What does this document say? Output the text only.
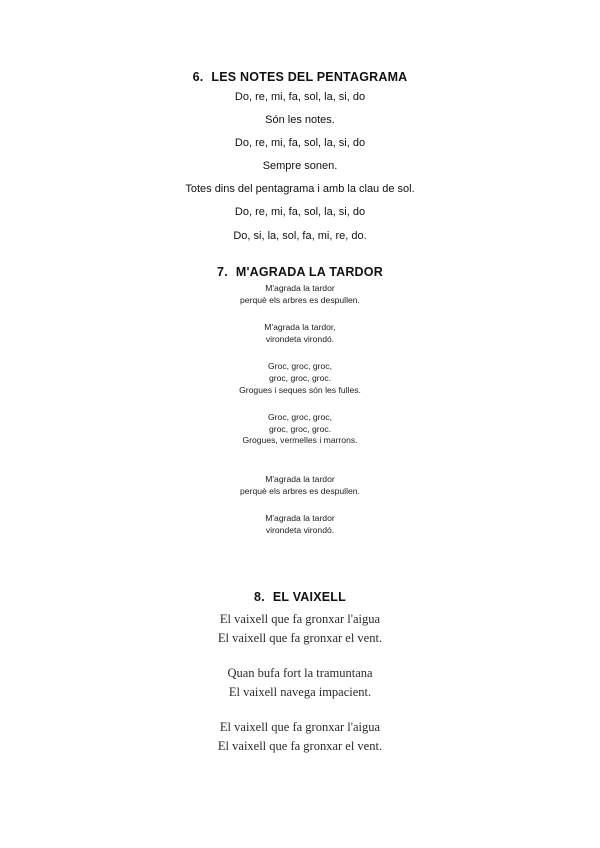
6. LES NOTES DEL PENTAGRAMA
Do, re, mi, fa, sol, la, si, do
Són les notes.
Do, re, mi, fa, sol, la, si, do
Sempre sonen.
Totes dins del pentagrama i amb la clau de sol.
Do, re, mi, fa, sol, la, si, do
Do, si, la, sol, fa, mi, re, do.
7. M'AGRADA LA TARDOR
M'agrada la tardor
perquè els arbres es despullen.
M'agrada la tardor,
virondeta virondó.
Groc, groc, groc,
groc, groc, groc.
Grogues i seques són les fulles.
Groc, groc, groc,
groc, groc, groc.
Grogues, vermelles i marrons.
M'agrada la tardor
perquè els arbres es despullen.
M'agrada la tardor
virondeta virondó.
8. EL VAIXELL
El vaixell que fa gronxar l'aigua
El vaixell que fa gronxar el vent.
Quan bufa fort la tramuntana
El vaixell navega impacient.
El vaixell que fa gronxar l'aigua
El vaixell que fa gronxar el vent.
